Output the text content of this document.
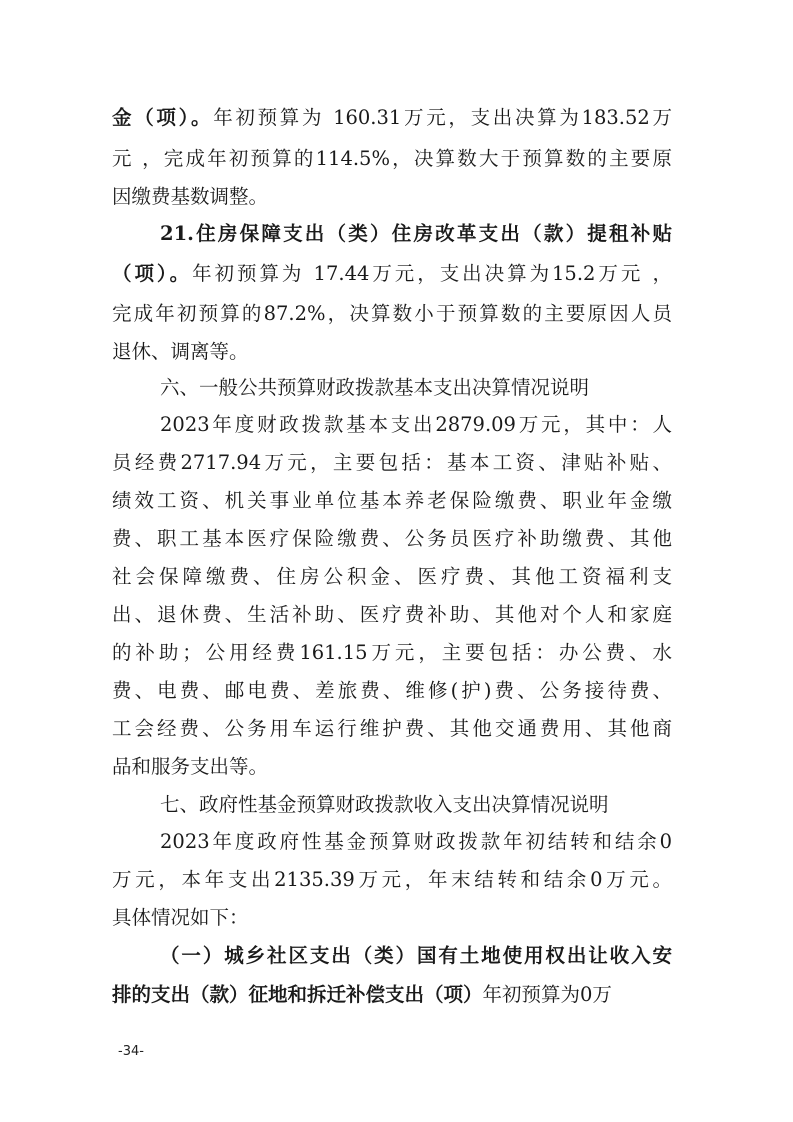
金（项）。年初预算为 160.31万元，支出决算为183.52万
元 ，完成年初预算的114.5%，决算数大于预算数的主要原
因缴费基数调整。
21.住房保障支出（类）住房改革支出（款）提租补贴
（项）。年初预算为 17.44万元，支出决算为15.2万元 ，
完成年初预算的87.2%，决算数小于预算数的主要原因人员
退休、调离等。
六、一般公共预算财政拨款基本支出决算情况说明
2023年度财政拨款基本支出2879.09万元，其中：人
员经费2717.94万元，主要包括：基本工资、津贴补贴、
绩效工资、机关事业单位基本养老保险缴费、职业年金缴
费、职工基本医疗保险缴费、公务员医疗补助缴费、其他
社会保障缴费、住房公积金、医疗费、其他工资福利支
出、退休费、生活补助、医疗费补助、其他对个人和家庭
的补助；公用经费161.15万元，主要包括：办公费、水
费、电费、邮电费、差旅费、维修(护)费、公务接待费、
工会经费、公务用车运行维护费、其他交通费用、其他商
品和服务支出等。
七、政府性基金预算财政拨款收入支出决算情况说明
2023年度政府性基金预算财政拨款年初结转和结余0
万元，本年支出2135.39万元，年末结转和结余0万元。
具体情况如下：
（一）城乡社区支出（类）国有土地使用权出让收入安
排的支出（款）征地和拆迁补偿支出（项）年初预算为0万
-34-
